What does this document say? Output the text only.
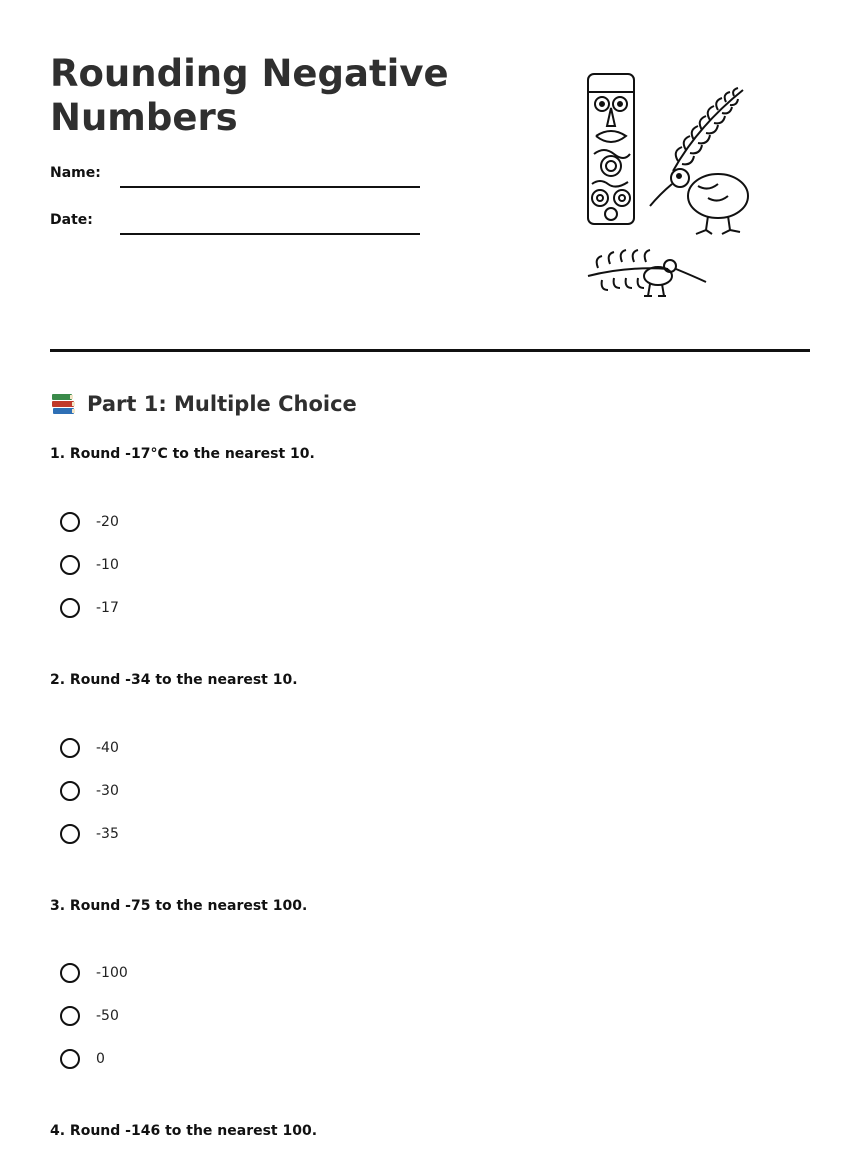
Rounding Negative Numbers
Name:
Date:
Part 1: Multiple Choice

1. Round -17°C to the nearest 10.

-20
-10
-17

2. Round -34 to the nearest 10.

-40
-30
-35

3. Round -75 to the nearest 100.

-100
-50
0

4. Round -146 to the nearest 100.
